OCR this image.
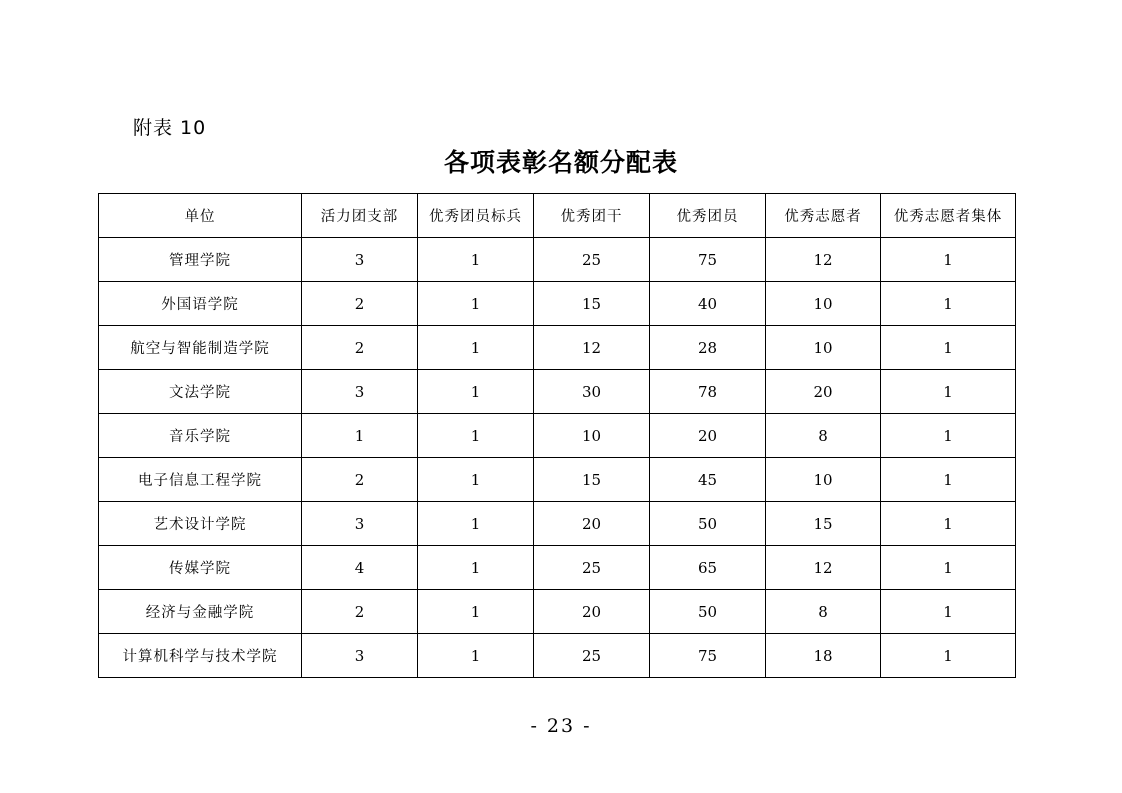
附表 10
各项表彰名额分配表
单位	活力团支部	优秀团员标兵	优秀团干	优秀团员	优秀志愿者	优秀志愿者集体
管理学院	3	1	25	75	12	1
外国语学院	2	1	15	40	10	1
航空与智能制造学院	2	1	12	28	10	1
文法学院	3	1	30	78	20	1
音乐学院	1	1	10	20	8	1
电子信息工程学院	2	1	15	45	10	1
艺术设计学院	3	1	20	50	15	1
传媒学院	4	1	25	65	12	1
经济与金融学院	2	1	20	50	8	1
计算机科学与技术学院	3	1	25	75	18	1
- 23 -
